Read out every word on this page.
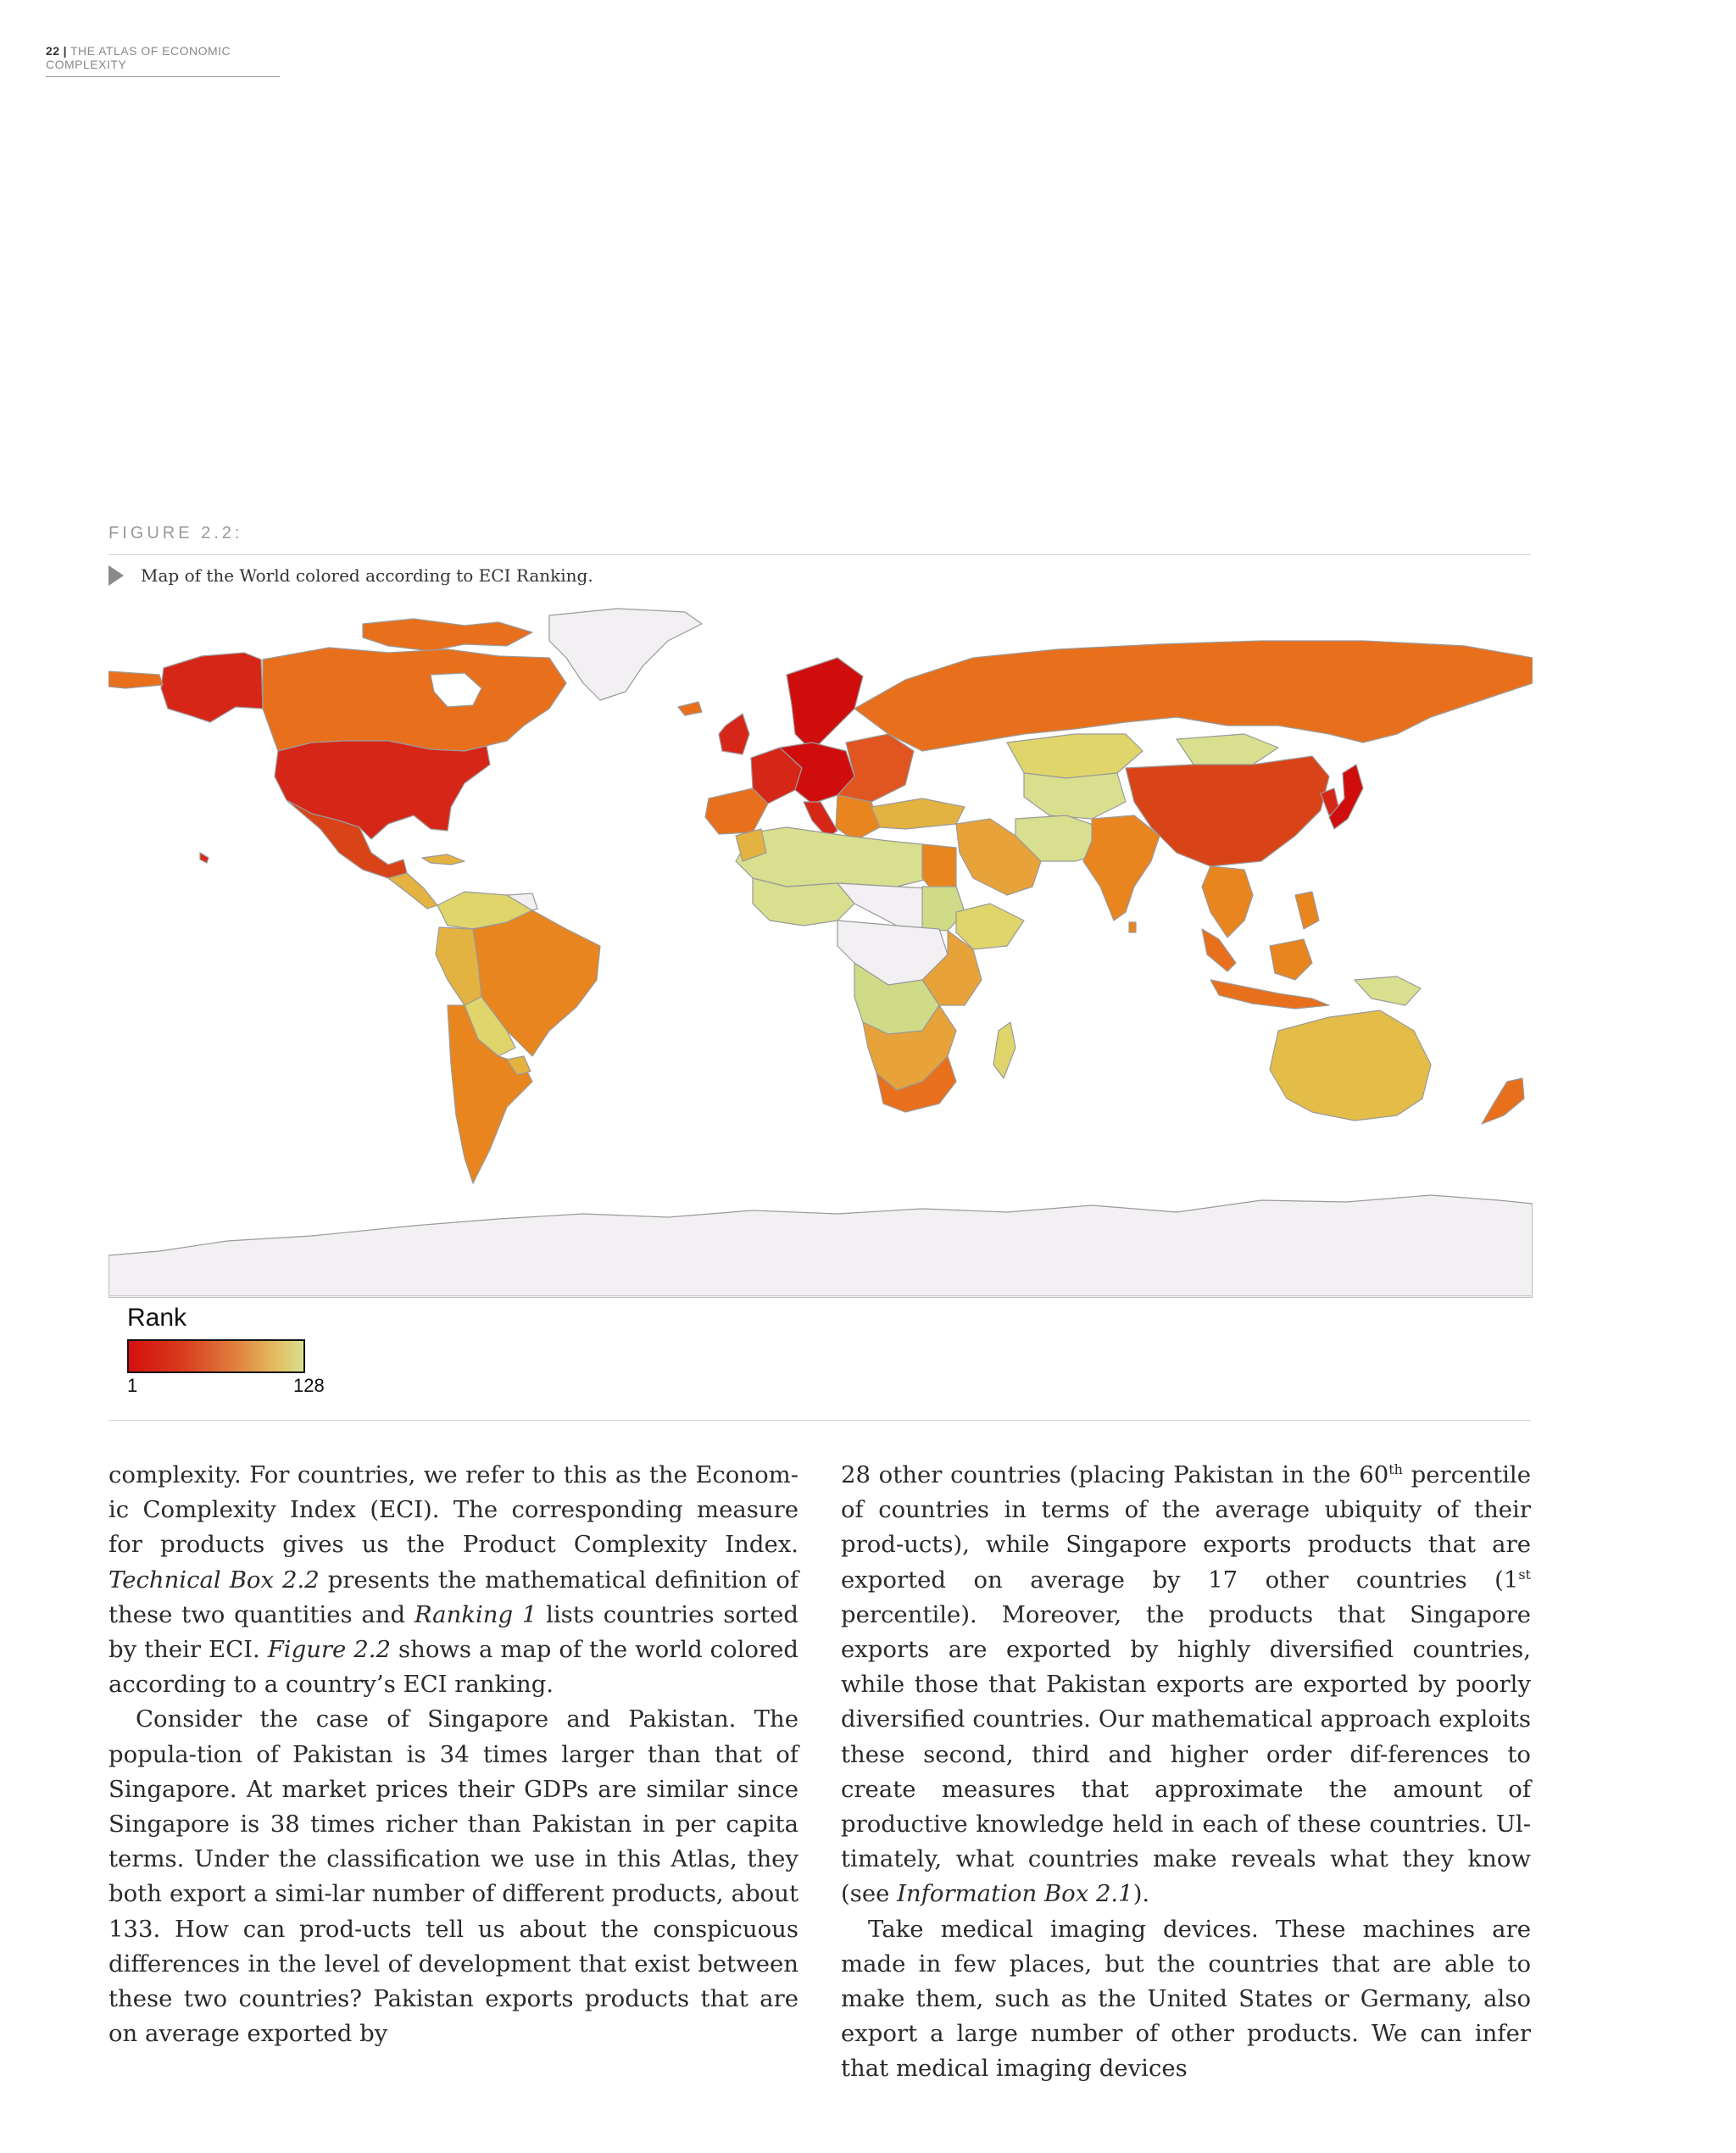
22 | THE ATLAS OF ECONOMIC COMPLEXITY
FIGURE 2.2:
Map of the World colored according to ECI Ranking.
Rank
1	128

complexity. For countries, we refer to this as the Econom-ic Complexity Index (ECI). The corresponding measure for products gives us the Product Complexity Index. Technical Box 2.2 presents the mathematical definition of these two quantities and Ranking 1 lists countries sorted by their ECI. Figure 2.2 shows a map of the world colored according to a country’s ECI ranking.

Consider the case of Singapore and Pakistan. The popula-tion of Pakistan is 34 times larger than that of Singapore. At market prices their GDPs are similar since Singapore is 38 times richer than Pakistan in per capita terms. Under the classification we use in this Atlas, they both export a simi-lar number of different products, about 133. How can prod-ucts tell us about the conspicuous differences in the level of development that exist between these two countries? Pakistan exports products that are on average exported by

28 other countries (placing Pakistan in the 60th percentile of countries in terms of the average ubiquity of their prod-ucts), while Singapore exports products that are exported on average by 17 other countries (1st percentile). Moreover, the products that Singapore exports are exported by highly diversified countries, while those that Pakistan exports are exported by poorly diversified countries. Our mathematical approach exploits these second, third and higher order dif-ferences to create measures that approximate the amount of productive knowledge held in each of these countries. Ul-timately, what countries make reveals what they know (see Information Box 2.1).

Take medical imaging devices. These machines are made in few places, but the countries that are able to make them, such as the United States or Germany, also export a large number of other products. We can infer that medical imaging devices
